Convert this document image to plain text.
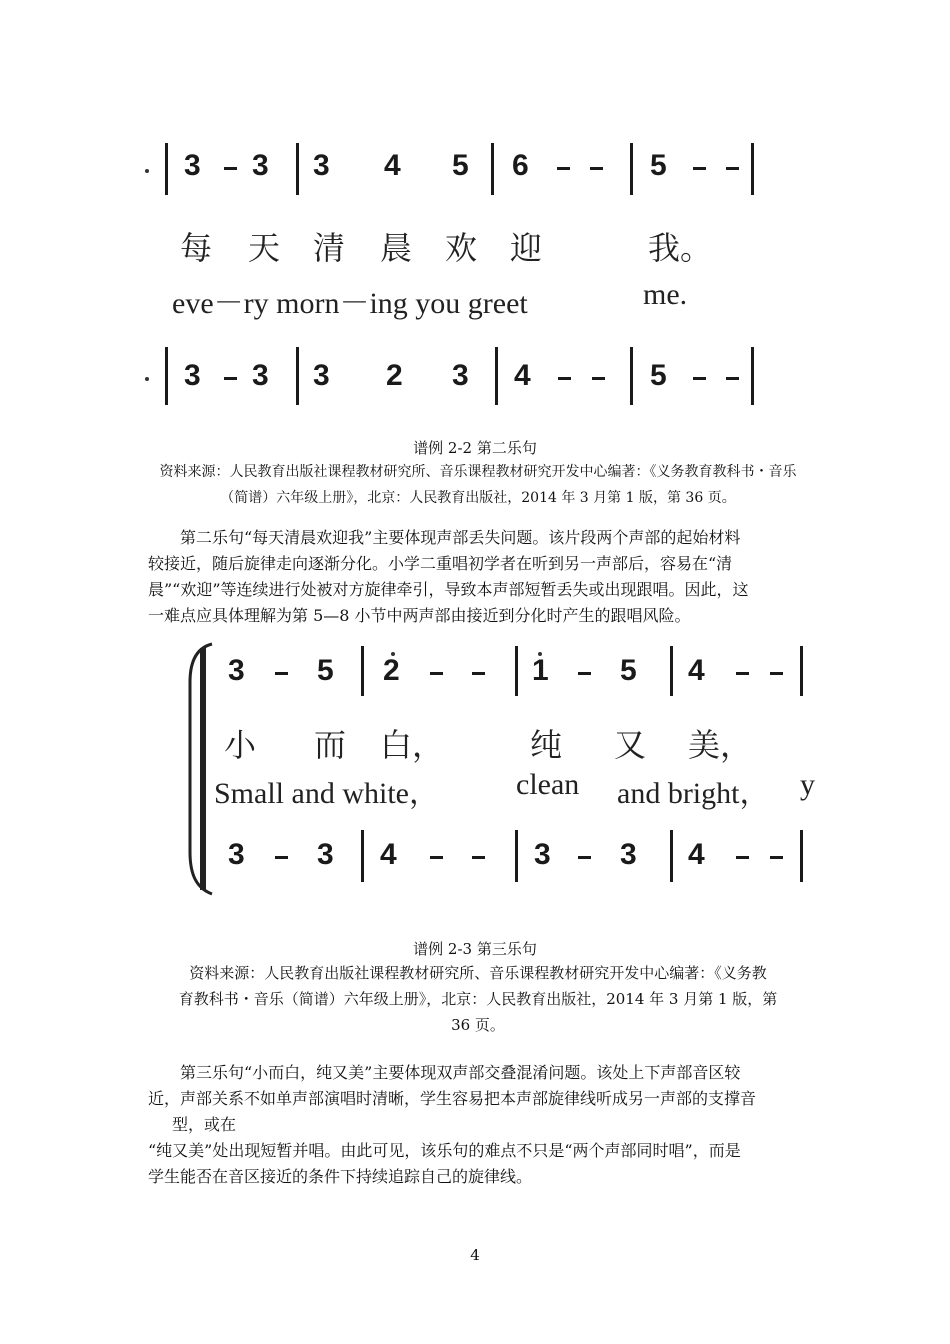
3 3 3 4 5 6	5
每 天 清 晨 欢 迎	我。
eve－ry morn－ing you greet	me.
3 3 3 2 3 4	5
谱例 2-2 第二乐句
资料来源：人民教育出版社课程教材研究所、音乐课程教材研究开发中心编著：《义务教育教科书・音乐
（简谱）六年级上册》，北京：人民教育出版社，2014 年 3 月第 1 版，第 36 页。
　　第二乐句“每天清晨欢迎我”主要体现声部丢失问题。该片段两个声部的起始材料
较接近，随后旋律走向逐渐分化。小学二重唱初学者在听到另一声部后，容易在“清
晨”“欢迎”等连续进行处被对方旋律牵引，导致本声部短暂丢失或出现跟唱。因此，这
一难点应具体理解为第 5—8 小节中两声部由接近到分化时产生的跟唱风险。
3 5 2	1 5 4
小 而 白，	纯 又 美，
Small and white，	clean and bright， y
3 3 4	3 3 4
谱例 2-3 第三乐句
资料来源：人民教育出版社课程教材研究所、音乐课程教材研究开发中心编著：《义务教
育教科书・音乐（简谱）六年级上册》，北京：人民教育出版社，2014 年 3 月第 1 版，第
36 页。
　　第三乐句“小而白，纯又美”主要体现双声部交叠混淆问题。该处上下声部音区较
近，声部关系不如单声部演唱时清晰，学生容易把本声部旋律线听成另一声部的支撑音
型，或在
“纯又美”处出现短暂并唱。由此可见，该乐句的难点不只是“两个声部同时唱”，而是
学生能否在音区接近的条件下持续追踪自己的旋律线。
4
